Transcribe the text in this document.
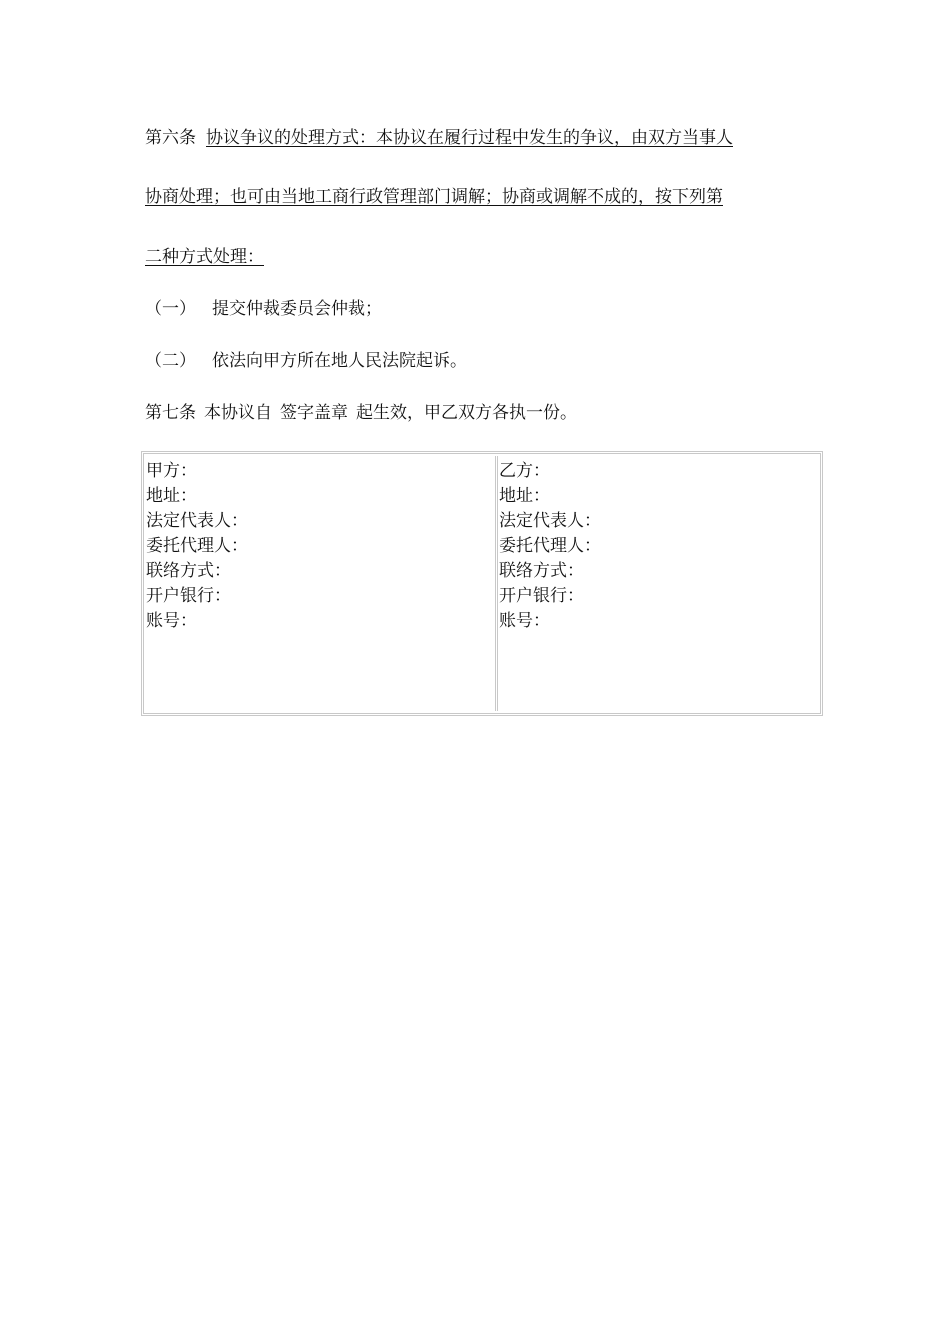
第六条 协议争议的处理方式：本协议在履行过程中发生的争议，由双方当事人
协商处理；也可由当地工商行政管理部门调解；协商或调解不成的，按下列第
二种方式处理：
（一） 提交仲裁委员会仲裁；
（二） 依法向甲方所在地人民法院起诉。
第七条 本协议自 签字盖章 起生效，甲乙双方各执一份。
甲方：
地址：
法定代表人：
委托代理人：
联络方式：
开户银行：
账号：
乙方：
地址：
法定代表人：
委托代理人：
联络方式：
开户银行：
账号：
